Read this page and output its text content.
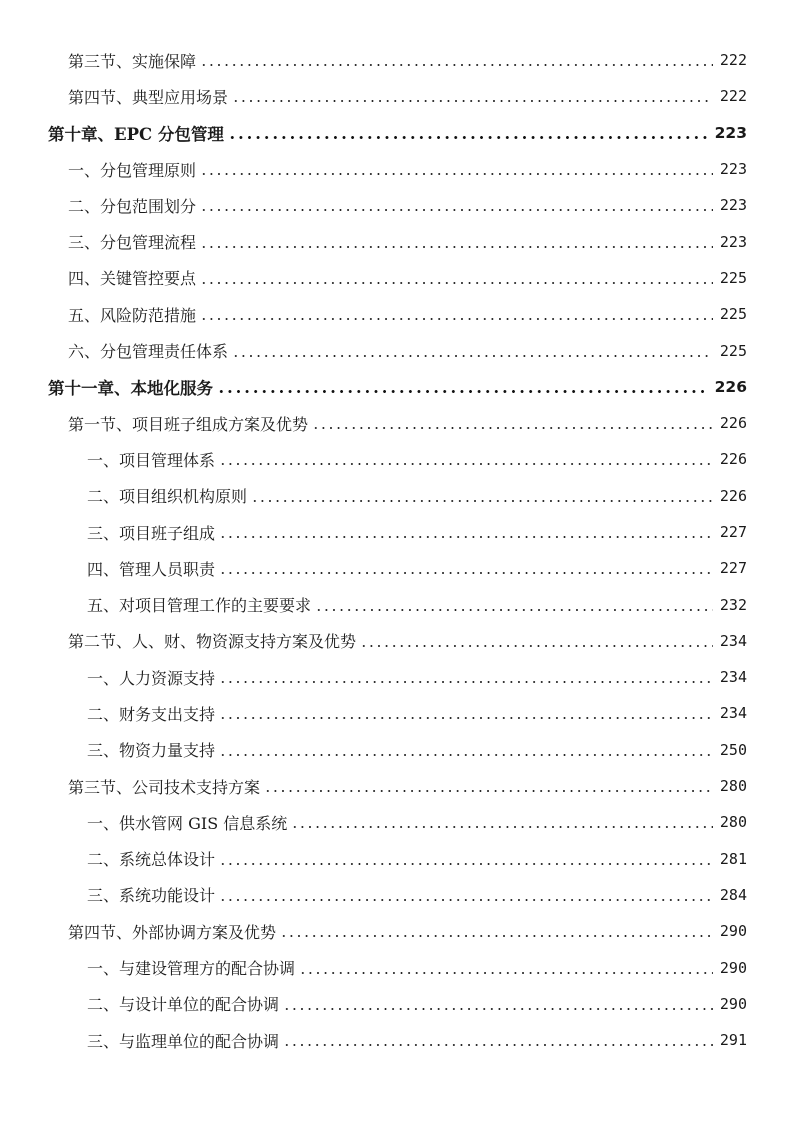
第三节、实施保障	222
第四节、典型应用场景	222
第十章、EPC 分包管理	223
一、分包管理原则	223
二、分包范围划分	223
三、分包管理流程	223
四、关键管控要点	225
五、风险防范措施	225
六、分包管理责任体系	225
第十一章、本地化服务	226
第一节、项目班子组成方案及优势	226
一、项目管理体系	226
二、项目组织机构原则	226
三、项目班子组成	227
四、管理人员职责	227
五、对项目管理工作的主要要求	232
第二节、人、财、物资源支持方案及优势	234
一、人力资源支持	234
二、财务支出支持	234
三、物资力量支持	250
第三节、公司技术支持方案	280
一、供水管网 GIS 信息系统	280
二、系统总体设计	281
三、系统功能设计	284
第四节、外部协调方案及优势	290
一、与建设管理方的配合协调	290
二、与设计单位的配合协调	290
三、与监理单位的配合协调	291
